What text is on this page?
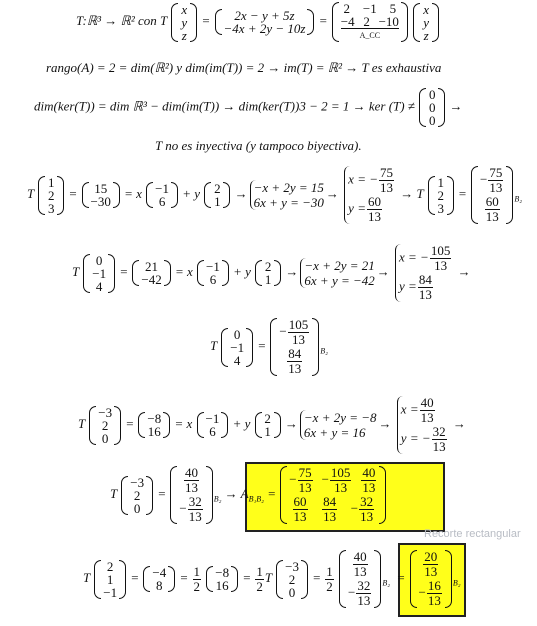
T:ℝ³ → ℝ² con T
x
y
z
= 2x − y + 5z
−4x + 2y − 10z
=
2 −1 5
−4 2 −10
A_CC

x
y
z
rango(A) = 2 = dim(ℝ²) y dim(im(T)) = 2 → im(T) = ℝ² → T es exhaustiva
dim(ker(T)) = dim ℝ³ − dim(im(T)) → dim(ker(T))3 − 2 = 1 → ker (T) ≠
0
0
0
→
T no es inyectiva (y tampoco biyectiva).
T
1
2
3
= 15
−30
= x −1
6
+ y 2
1
→ −x + 2y = 15
6x + y = −30
→
x = − $\frac{75}{13}$
$y = \frac{60}{13}$
→ T
1
2
3
=
− $\frac{75}{13}$
$\frac{60}{13} _{B_2}$
T
0
−1
4
= 21
−42
= x −1
6
+ y 2
1
→ −x + 2y = 21
6x + y = −42
→
x = − $\frac{105}{13}$
$y = \frac{84}{13}$
→
T
0
−1
4
=
− $\frac{105}{13}$
$\frac{84}{13} _{B_2}$
T
−3
2
0
= −8
16
= x −1
6
+ y 2
1
→ −x + 2y = −8
6x + y = 16
→
$x = \frac{40}{13}$
y = − $\frac{32}{13}$
→
Recorte rectangular
T
−3
2
0
= $\frac{40}{13}$
− $\frac{32}{13} _{B_2} \to A_{B_1B_2}$ =
− $\frac{75}{13} - \frac{105}{13} \frac{40}{13}$
$\frac{60}{13} \frac{84}{13} - \frac{32}{13}$
T
2
1
−1
= −4
8
= $\frac{1}{2}$
−8
16
= $\frac{1}{2}$ T
−3
2
0
= $\frac{1}{2}$
$\frac{40}{13}$
− $\frac{32}{13} _{B_2} = \frac{20}{13}$
− $\frac{16}{13} _{B_2}$
